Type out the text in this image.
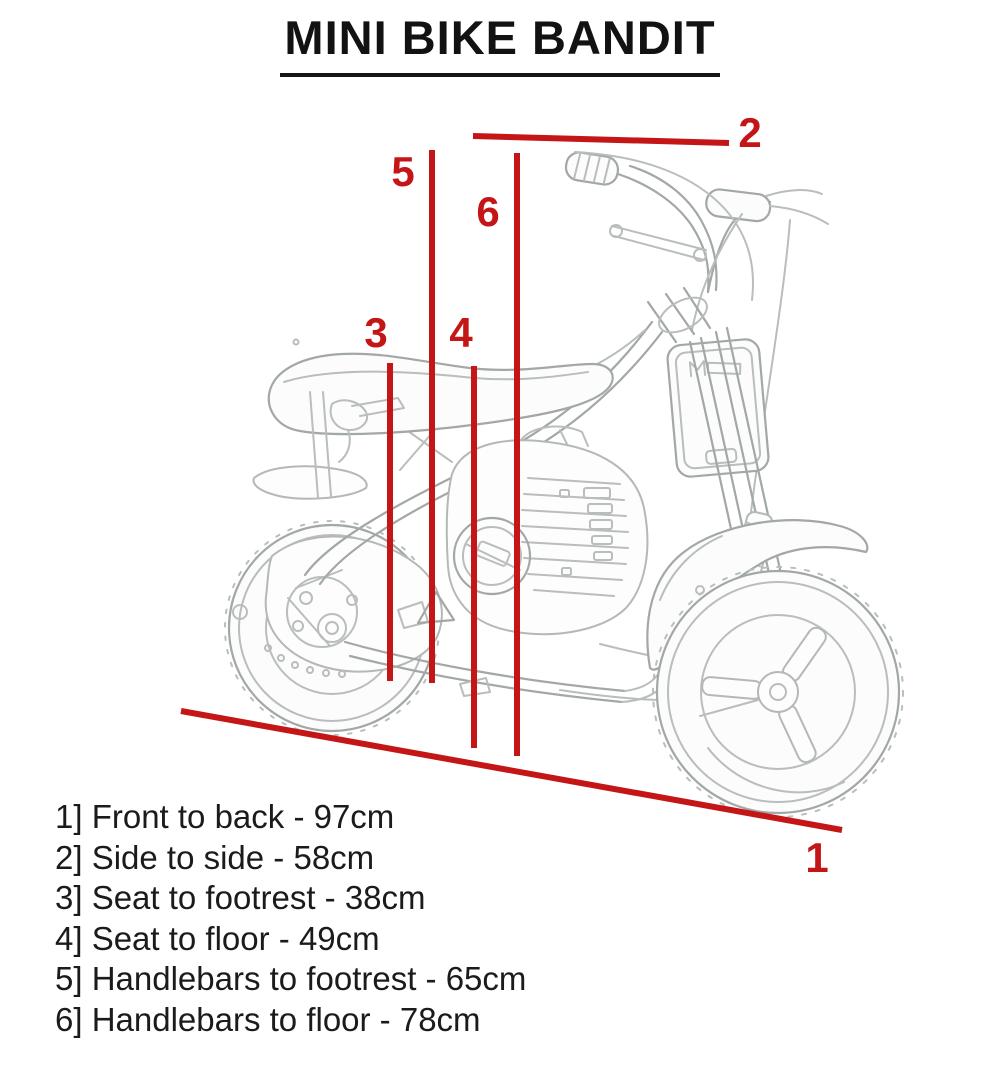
MINI BIKE BANDIT
1
2
3 4
5
6
1] Front to back - 97cm
2] Side to side - 58cm
3] Seat to footrest - 38cm
4] Seat to floor - 49cm
5] Handlebars to footrest - 65cm
6] Handlebars to floor - 78cm
